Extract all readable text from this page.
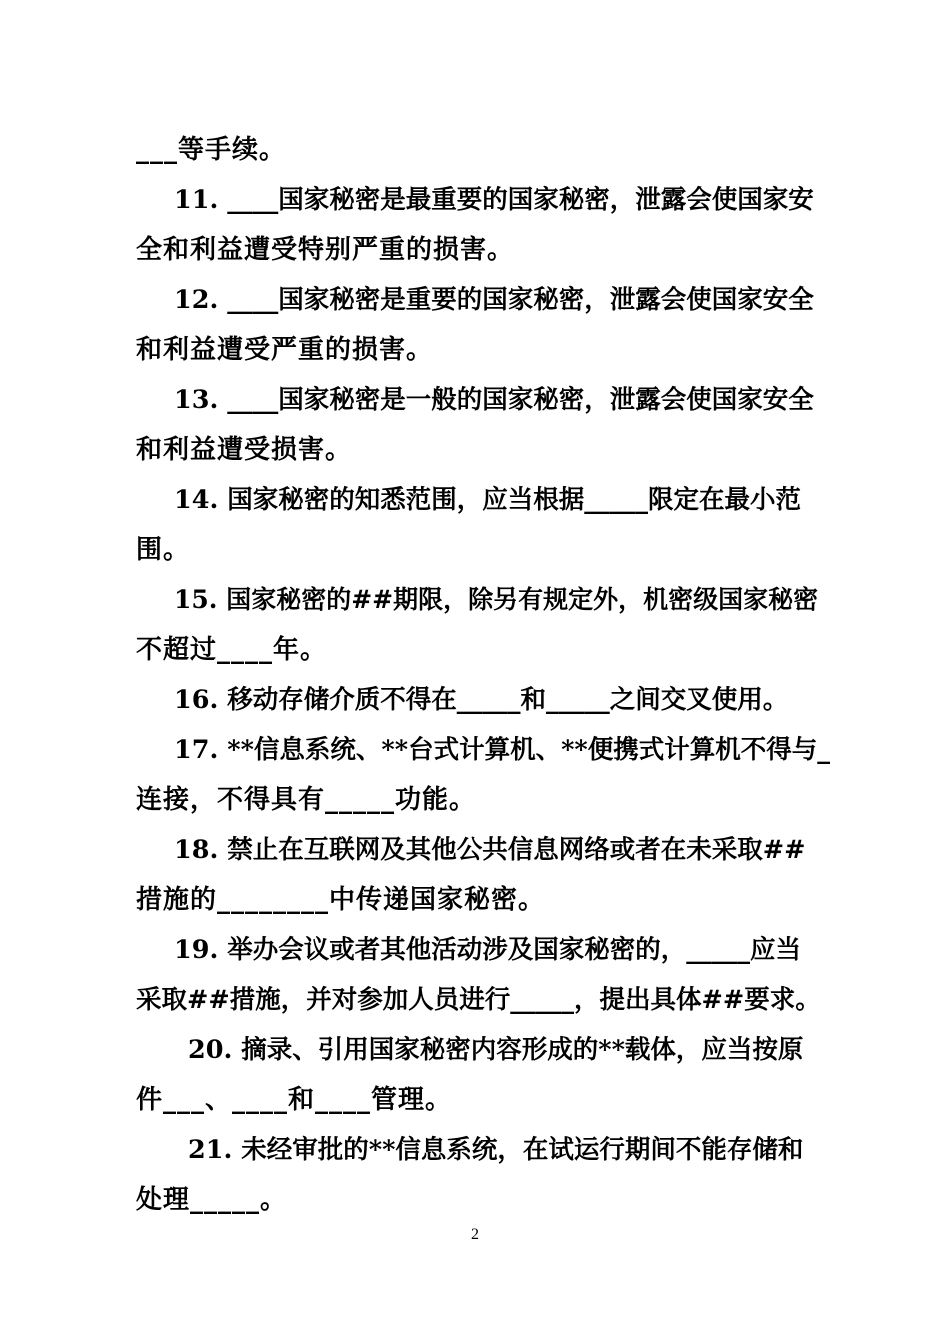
___等手续。
11. ____国家秘密是最重要的国家秘密，泄露会使国家安
全和利益遭受特别严重的损害。
12. ____国家秘密是重要的国家秘密，泄露会使国家安全
和利益遭受严重的损害。
13. ____国家秘密是一般的国家秘密，泄露会使国家安全
和利益遭受损害。
14. 国家秘密的知悉范围，应当根据_____限定在最小范
围。
15. 国家秘密的##期限，除另有规定外，机密级国家秘密
不超过____年。
16. 移动存储介质不得在_____和_____之间交叉使用。
17. **信息系统、**台式计算机、**便携式计算机不得与_
连接，不得具有_____功能。
18. 禁止在互联网及其他公共信息网络或者在未采取##
措施的________中传递国家秘密。
19. 举办会议或者其他活动涉及国家秘密的，_____应当
采取##措施，并对参加人员进行_____，提出具体##要求。
20. 摘录、引用国家秘密内容形成的**载体，应当按原
件___、____和____管理。
21. 未经审批的**信息系统，在试运行期间不能存储和
处理_____。
2
